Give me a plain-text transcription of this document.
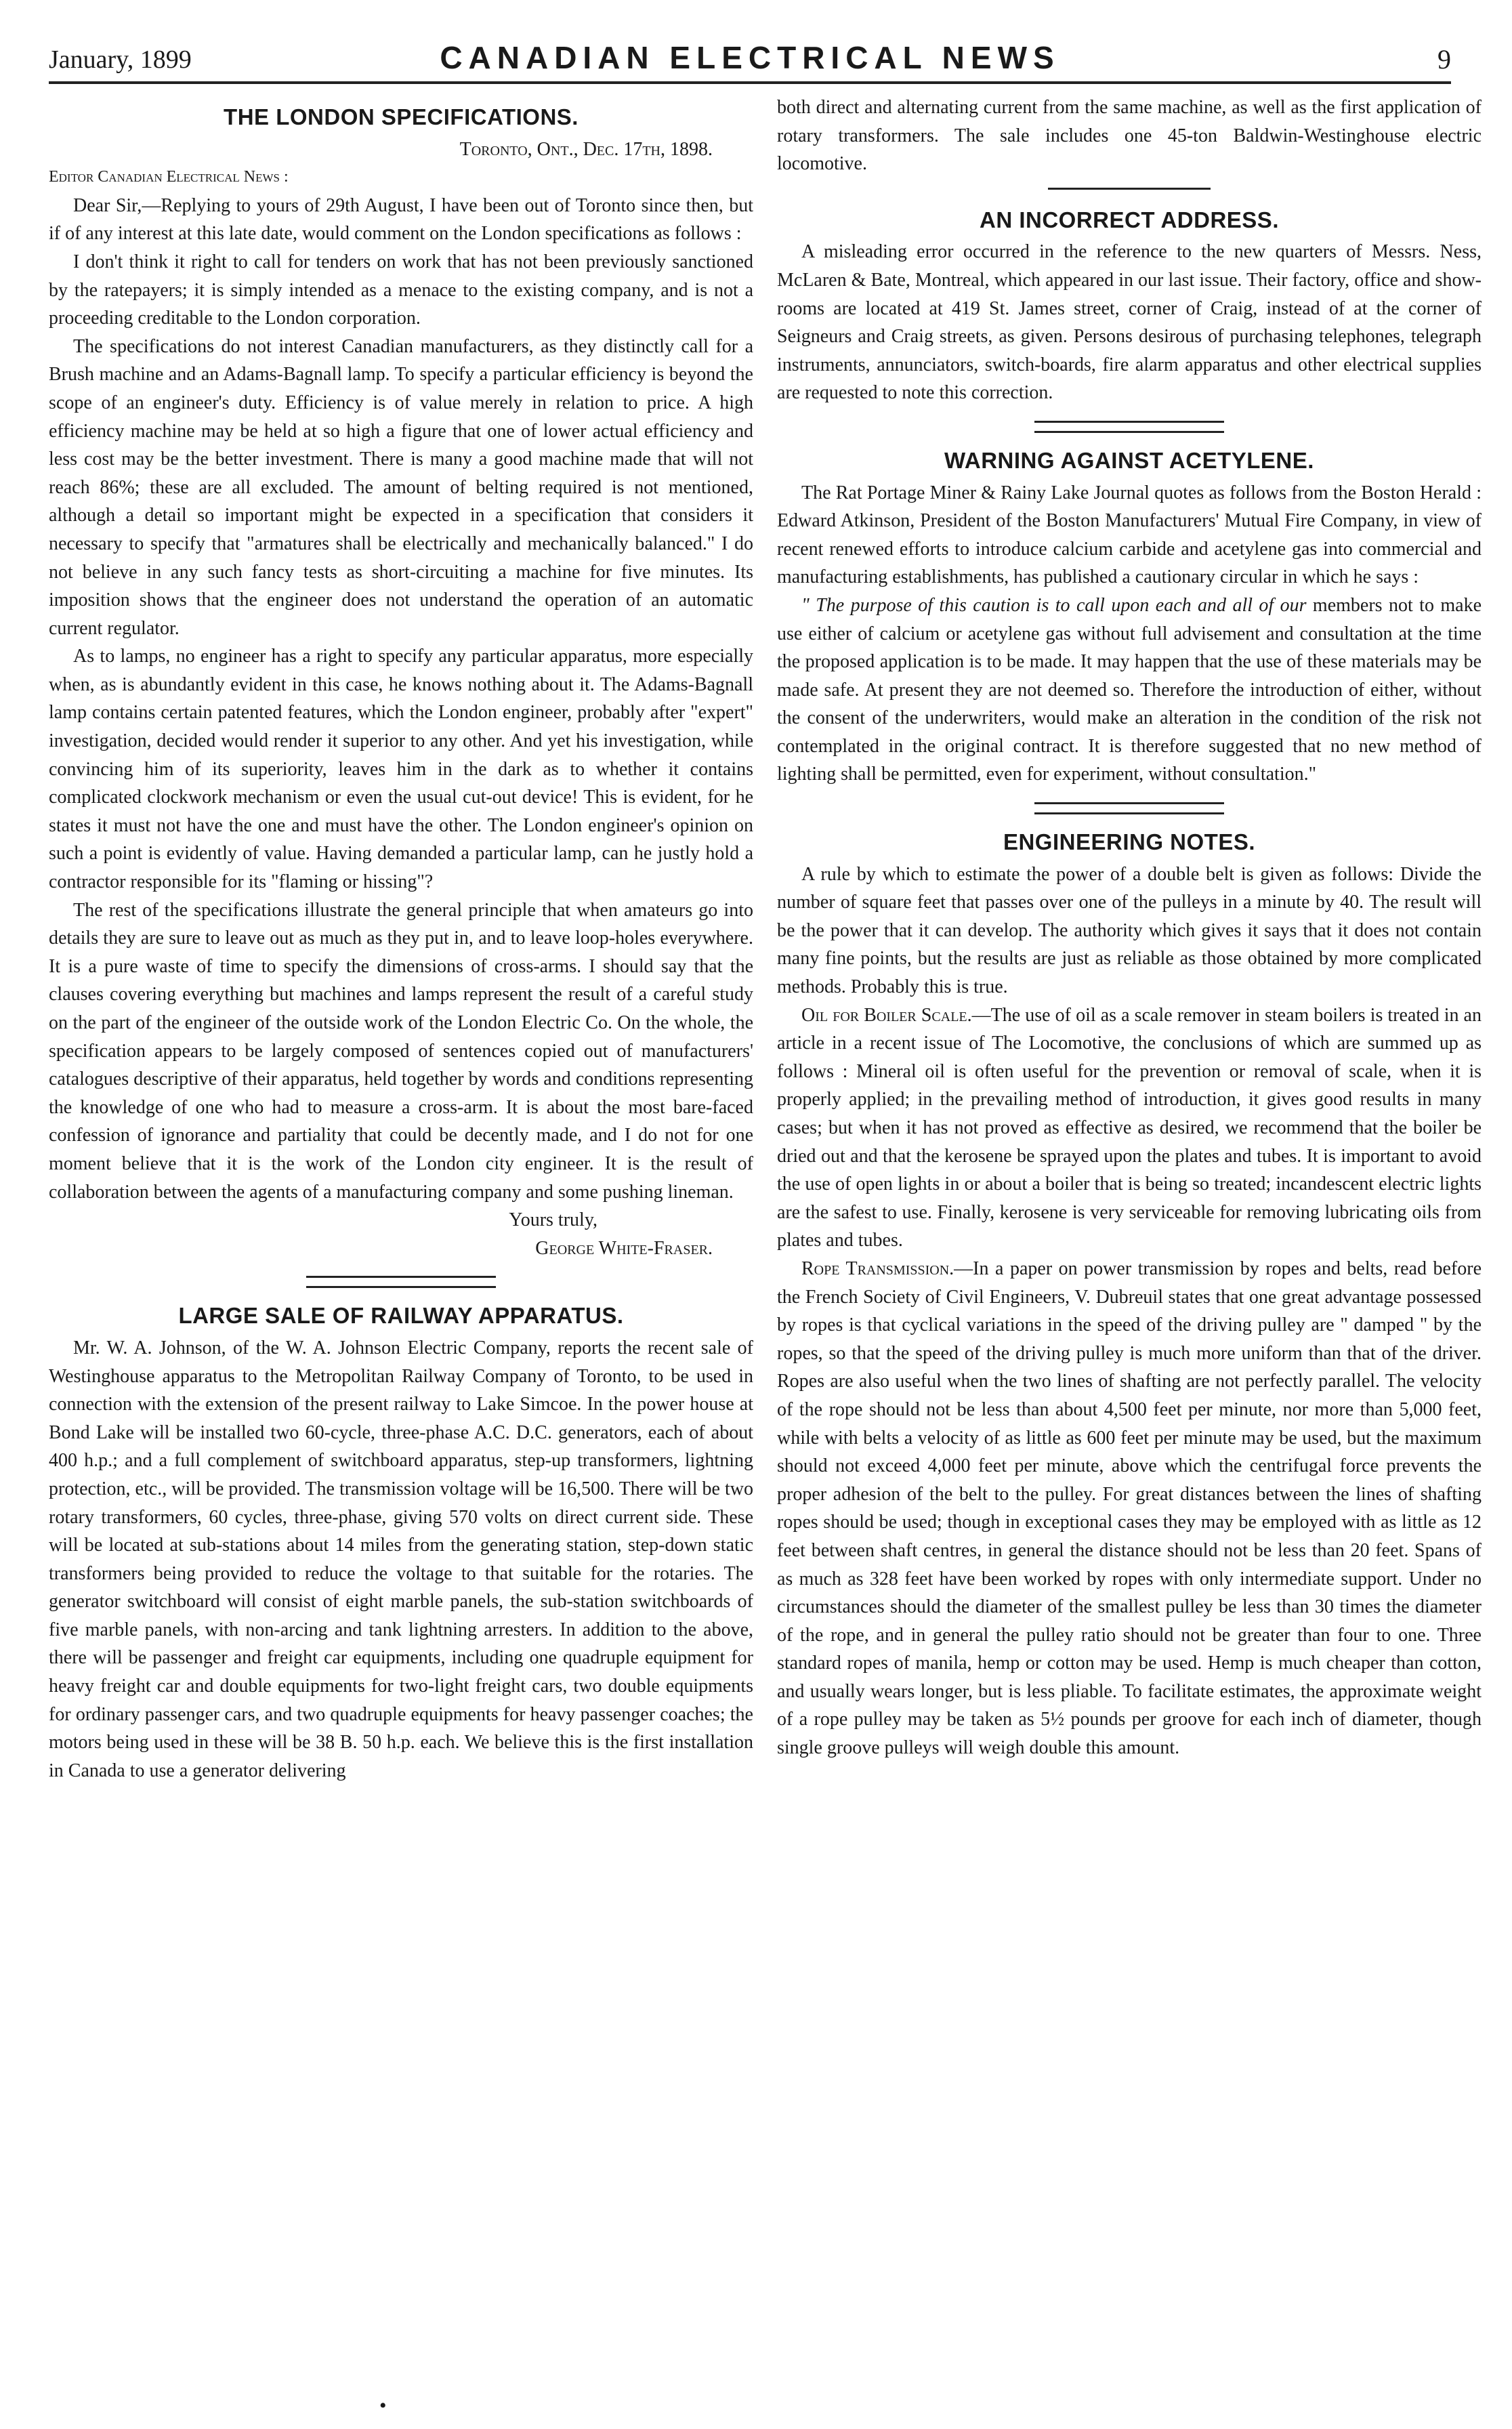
January, 1899	CANADIAN ELECTRICAL NEWS	9
THE LONDON SPECIFICATIONS.

Toronto, Ont., Dec. 17th, 1898.

Editor Canadian Electrical News :

Dear Sir,—Replying to yours of 29th August, I have been out of Toronto since then, but if of any interest at this late date, would comment on the London specifications as follows :

I don't think it right to call for tenders on work that has not been previously sanctioned by the ratepayers; it is simply intended as a menace to the existing company, and is not a proceeding creditable to the London corporation.

The specifications do not interest Canadian manufacturers, as they distinctly call for a Brush machine and an Adams-Bagnall lamp. To specify a particular efficiency is beyond the scope of an engineer's duty. Efficiency is of value merely in relation to price. A high efficiency machine may be held at so high a figure that one of lower actual efficiency and less cost may be the better investment. There is many a good machine made that will not reach 86%; these are all excluded. The amount of belting required is not mentioned, although a detail so important might be expected in a specification that considers it necessary to specify that "armatures shall be electrically and mechanically balanced." I do not believe in any such fancy tests as short-circuiting a machine for five minutes. Its imposition shows that the engineer does not understand the operation of an automatic current regulator.

As to lamps, no engineer has a right to specify any particular apparatus, more especially when, as is abundantly evident in this case, he knows nothing about it. The Adams-Bagnall lamp contains certain patented features, which the London engineer, probably after "expert" investigation, decided would render it superior to any other. And yet his investigation, while convincing him of its superiority, leaves him in the dark as to whether it contains complicated clockwork mechanism or even the usual cut-out device! This is evident, for he states it must not have the one and must have the other. The London engineer's opinion on such a point is evidently of value. Having demanded a particular lamp, can he justly hold a contractor responsible for its "flaming or hissing"?

The rest of the specifications illustrate the general principle that when amateurs go into details they are sure to leave out as much as they put in, and to leave loop-holes everywhere. It is a pure waste of time to specify the dimensions of cross-arms. I should say that the clauses covering everything but machines and lamps represent the result of a careful study on the part of the engineer of the outside work of the London Electric Co. On the whole, the specification appears to be largely composed of sentences copied out of manufacturers' catalogues descriptive of their apparatus, held together by words and conditions representing the knowledge of one who had to measure a cross-arm. It is about the most bare-faced confession of ignorance and partiality that could be decently made, and I do not for one moment believe that it is the work of the London city engineer. It is the result of collaboration between the agents of a manufacturing company and some pushing lineman.

Yours truly,

George White-Fraser.

LARGE SALE OF RAILWAY APPARATUS.

Mr. W. A. Johnson, of the W. A. Johnson Electric Company, reports the recent sale of Westinghouse apparatus to the Metropolitan Railway Company of Toronto, to be used in connection with the extension of the present railway to Lake Simcoe. In the power house at Bond Lake will be installed two 60-cycle, three-phase A.C. D.C. generators, each of about 400 h.p.; and a full complement of switchboard apparatus, step-up transformers, lightning protection, etc., will be provided. The transmission voltage will be 16,500. There will be two rotary transformers, 60 cycles, three-phase, giving 570 volts on direct current side. These will be located at sub-stations about 14 miles from the generating station, step-down static transformers being provided to reduce the voltage to that suitable for the rotaries. The generator switchboard will consist of eight marble panels, the sub-station switchboards of five marble panels, with non-arcing and tank lightning arresters. In addition to the above, there will be passenger and freight car equipments, including one quadruple equipment for heavy freight car and double equipments for two-light freight cars, two double equipments for ordinary passenger cars, and two quadruple equipments for heavy passenger coaches; the motors being used in these will be 38 B. 50 h.p. each. We believe this is the first installation in Canada to use a generator delivering

both direct and alternating current from the same machine, as well as the first application of rotary transformers. The sale includes one 45-ton Baldwin-Westinghouse electric locomotive.

AN INCORRECT ADDRESS.

A misleading error occurred in the reference to the new quarters of Messrs. Ness, McLaren & Bate, Montreal, which appeared in our last issue. Their factory, office and show-rooms are located at 419 St. James street, corner of Craig, instead of at the corner of Seigneurs and Craig streets, as given. Persons desirous of purchasing telephones, telegraph instruments, annunciators, switch-boards, fire alarm apparatus and other electrical supplies are requested to note this correction.

WARNING AGAINST ACETYLENE.

The Rat Portage Miner & Rainy Lake Journal quotes as follows from the Boston Herald : Edward Atkinson, President of the Boston Manufacturers' Mutual Fire Company, in view of recent renewed efforts to introduce calcium carbide and acetylene gas into commercial and manufacturing establishments, has published a cautionary circular in which he says :

" The purpose of this caution is to call upon each and all of our members not to make use either of calcium or acetylene gas without full advisement and consultation at the time the proposed application is to be made. It may happen that the use of these materials may be made safe. At present they are not deemed so. Therefore the introduction of either, without the consent of the underwriters, would make an alteration in the condition of the risk not contemplated in the original contract. It is therefore suggested that no new method of lighting shall be permitted, even for experiment, without consultation."

ENGINEERING NOTES.

A rule by which to estimate the power of a double belt is given as follows: Divide the number of square feet that passes over one of the pulleys in a minute by 40. The result will be the power that it can develop. The authority which gives it says that it does not contain many fine points, but the results are just as reliable as those obtained by more complicated methods. Probably this is true.

Oil for Boiler Scale.—The use of oil as a scale remover in steam boilers is treated in an article in a recent issue of The Locomotive, the conclusions of which are summed up as follows : Mineral oil is often useful for the prevention or removal of scale, when it is properly applied; in the prevailing method of introduction, it gives good results in many cases; but when it has not proved as effective as desired, we recommend that the boiler be dried out and that the kerosene be sprayed upon the plates and tubes. It is important to avoid the use of open lights in or about a boiler that is being so treated; incandescent electric lights are the safest to use. Finally, kerosene is very serviceable for removing lubricating oils from plates and tubes.

Rope Transmission.—In a paper on power transmission by ropes and belts, read before the French Society of Civil Engineers, V. Dubreuil states that one great advantage possessed by ropes is that cyclical variations in the speed of the driving pulley are " damped " by the ropes, so that the speed of the driving pulley is much more uniform than that of the driver. Ropes are also useful when the two lines of shafting are not perfectly parallel. The velocity of the rope should not be less than about 4,500 feet per minute, nor more than 5,000 feet, while with belts a velocity of as little as 600 feet per minute may be used, but the maximum should not exceed 4,000 feet per minute, above which the centrifugal force prevents the proper adhesion of the belt to the pulley. For great distances between the lines of shafting ropes should be used; though in exceptional cases they may be employed with as little as 12 feet between shaft centres, in general the distance should not be less than 20 feet. Spans of as much as 328 feet have been worked by ropes with only intermediate support. Under no circumstances should the diameter of the smallest pulley be less than 30 times the diameter of the rope, and in general the pulley ratio should not be greater than four to one. Three standard ropes of manila, hemp or cotton may be used. Hemp is much cheaper than cotton, and usually wears longer, but is less pliable. To facilitate estimates, the approximate weight of a rope pulley may be taken as 5½ pounds per groove for each inch of diameter, though single groove pulleys will weigh double this amount.

•
